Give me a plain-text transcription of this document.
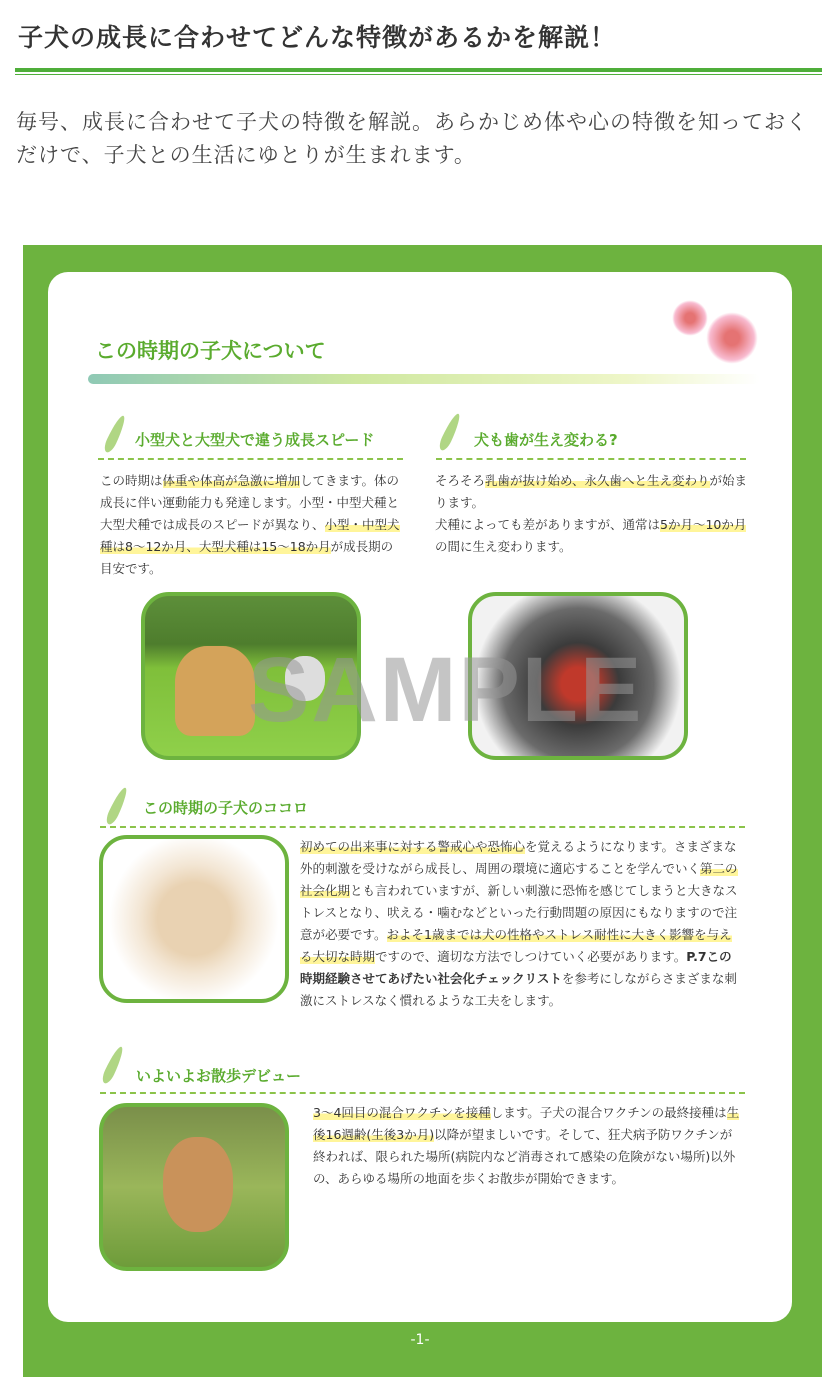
子犬の成長に合わせてどんな特徴があるかを解説！
毎号、成長に合わせて子犬の特徴を解説。あらかじめ体や心の特徴を知っておくだけで、子犬との生活にゆとりが生まれます。
この時期の子犬について
小型犬と大型犬で違う成長スピード
この時期は体重や体高が急激に増加してきます。体の成長に伴い運動能力も発達します。小型・中型犬種と大型犬種では成長のスピードが異なり、小型・中型犬種は8〜12か月、大型犬種は15〜18か月が成長期の目安です。
犬も歯が生え変わる?
そろそろ乳歯が抜け始め、永久歯へと生え変わりが始まります。
犬種によっても差がありますが、通常は5か月〜10か月の間に生え変わります。
この時期の子犬のココロ
初めての出来事に対する警戒心や恐怖心を覚えるようになります。さまざまな外的刺激を受けながら成長し、周囲の環境に適応することを学んでいく第二の社会化期とも言われていますが、新しい刺激に恐怖を感じてしまうと大きなストレスとなり、吠える・噛むなどといった行動問題の原因にもなりますので注意が必要です。およそ1歳までは犬の性格やストレス耐性に大きく影響を与える大切な時期ですので、適切な方法でしつけていく必要があります。P.7この時期経験させてあげたい社会化チェックリストを参考にしながらさまざまな刺激にストレスなく慣れるような工夫をします。
いよいよお散歩デビュー
3〜4回目の混合ワクチンを接種します。子犬の混合ワクチンの最終接種は生後16週齢(生後3か月)以降が望ましいです。そして、狂犬病予防ワクチンが終われば、限られた場所(病院内など消毒されて感染の危険がない場所)以外の、あらゆる場所の地面を歩くお散歩が開始できます。
SAMPLE
-1-
